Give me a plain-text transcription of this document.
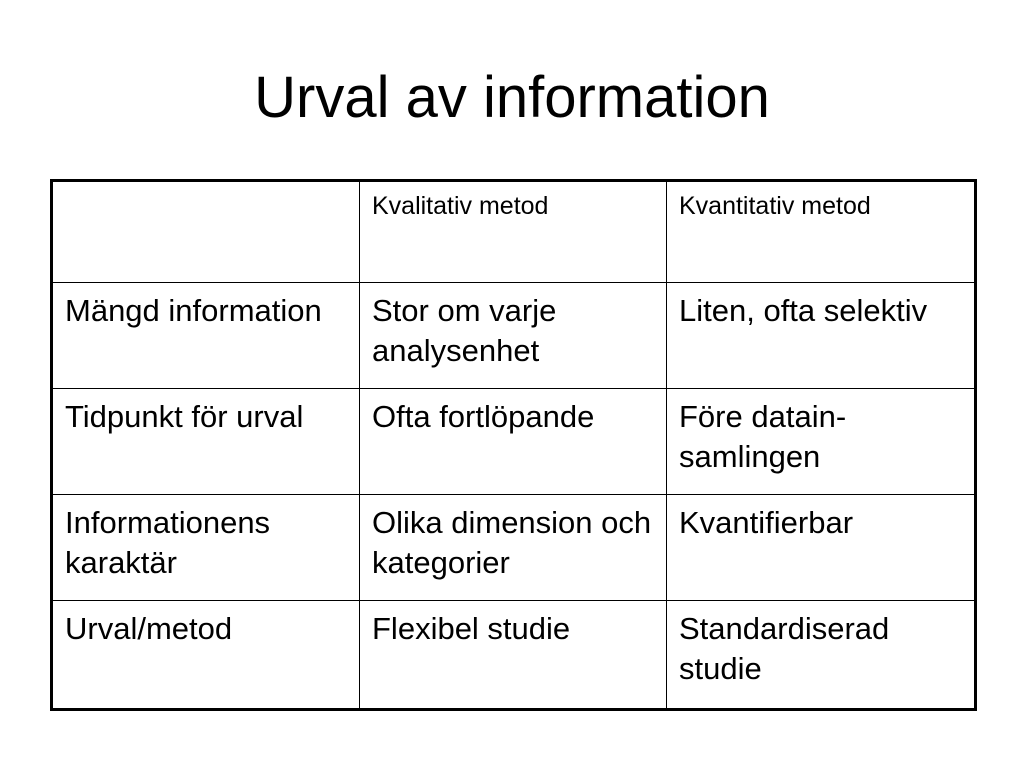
Urval av information
	Kvalitativ metod	Kvantitativ metod
Mängd information	Stor om varje analysenhet	Liten, ofta selektiv
Tidpunkt för urval	Ofta fortlöpande	Före datain-samlingen
Informationens karaktär	Olika dimension och kategorier	Kvantifierbar
Urval/metod	Flexibel studie	Standardiserad studie
